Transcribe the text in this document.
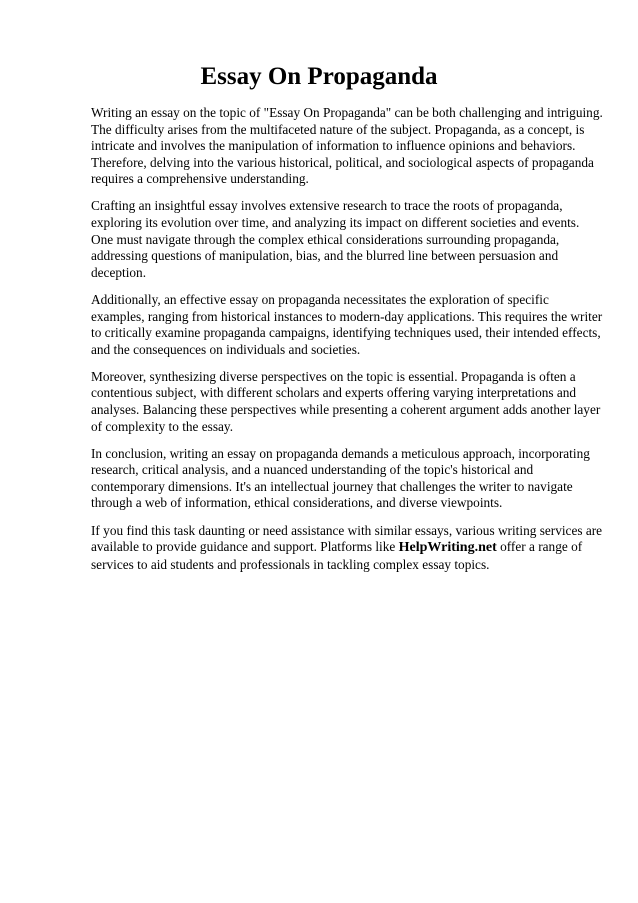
Essay On Propaganda

Writing an essay on the topic of "Essay On Propaganda" can be both challenging and intriguing. The difficulty arises from the multifaceted nature of the subject. Propaganda, as a concept, is intricate and involves the manipulation of information to influence opinions and behaviors. Therefore, delving into the various historical, political, and sociological aspects of propaganda requires a comprehensive understanding.

Crafting an insightful essay involves extensive research to trace the roots of propaganda, exploring its evolution over time, and analyzing its impact on different societies and events. One must navigate through the complex ethical considerations surrounding propaganda, addressing questions of manipulation, bias, and the blurred line between persuasion and deception.

Additionally, an effective essay on propaganda necessitates the exploration of specific examples, ranging from historical instances to modern-day applications. This requires the writer to critically examine propaganda campaigns, identifying techniques used, their intended effects, and the consequences on individuals and societies.

Moreover, synthesizing diverse perspectives on the topic is essential. Propaganda is often a contentious subject, with different scholars and experts offering varying interpretations and analyses. Balancing these perspectives while presenting a coherent argument adds another layer of complexity to the essay.

In conclusion, writing an essay on propaganda demands a meticulous approach, incorporating research, critical analysis, and a nuanced understanding of the topic's historical and contemporary dimensions. It's an intellectual journey that challenges the writer to navigate through a web of information, ethical considerations, and diverse viewpoints.

If you find this task daunting or need assistance with similar essays, various writing services are available to provide guidance and support. Platforms like HelpWriting.net offer a range of services to aid students and professionals in tackling complex essay topics.
